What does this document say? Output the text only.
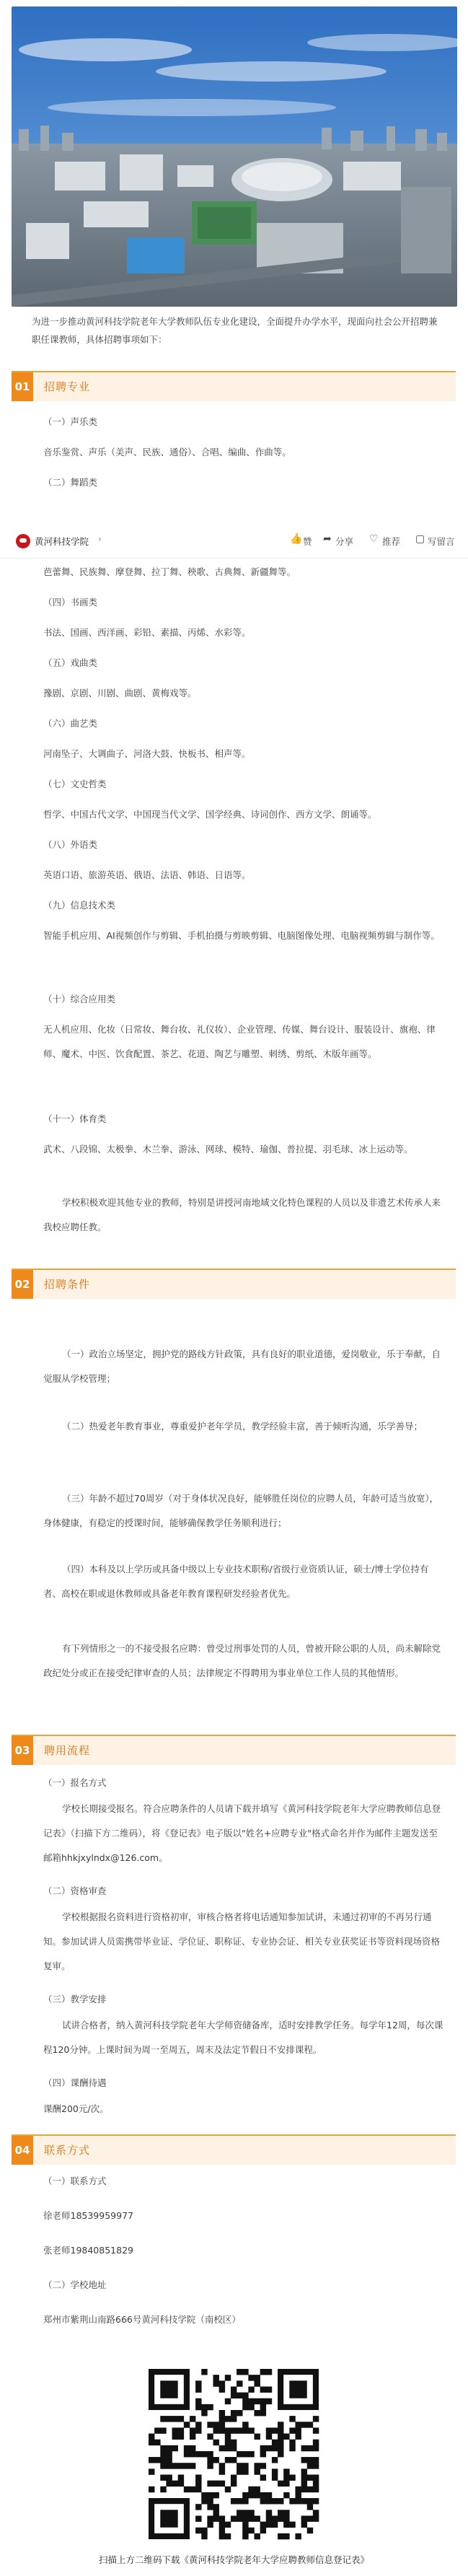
为进一步推动黄河科技学院老年大学教师队伍专业化建设，全面提升办学水平，现面向社会公开招聘兼职任课教师，具体招聘事项如下：
01	招聘专业
（一）声乐类
音乐鉴赏、声乐（美声、民族、通俗）、合唱、编曲、作曲等。
（二）舞蹈类
黄河科技学院 ›	👍 赞 ➦ 分享 ♡ 推荐 ▢ 写留言
芭蕾舞、民族舞、摩登舞、拉丁舞、秧歌、古典舞、新疆舞等。
（四）书画类
书法、国画、西洋画、彩铅、素描、丙烯、水彩等。
（五）戏曲类
豫剧、京剧、川剧、曲剧、黄梅戏等。
（六）曲艺类
河南坠子、大调曲子、河洛大鼓、快板书、相声等。
（七）文史哲类
哲学、中国古代文学、中国现当代文学、国学经典、诗词创作、西方文学、朗诵等。
（八）外语类
英语口语、旅游英语、俄语、法语、韩语、日语等。
（九）信息技术类
智能手机应用、AI视频创作与剪辑、手机拍摄与剪映剪辑、电脑图像处理、电脑视频剪辑与制作等。
（十）综合应用类
无人机应用、化妆（日常妆、舞台妆、礼仪妆）、企业管理、传媒、舞台设计、服装设计、旗袍、律师、魔术、中医、饮食配置、茶艺、花道、陶艺与雕塑、刺绣、剪纸、木版年画等。
（十一）体育类
武术、八段锦、太极拳、木兰拳、游泳、网球、模特、瑜伽、普拉提、羽毛球、冰上运动等。
学校积极欢迎其他专业的教师，特别是讲授河南地域文化特色课程的人员以及非遗艺术传承人来我校应聘任教。
02	招聘条件
（一）政治立场坚定，拥护党的路线方针政策，具有良好的职业道德，爱岗敬业，乐于奉献，自觉服从学校管理；
（二）热爱老年教育事业，尊重爱护老年学员，教学经验丰富，善于倾听沟通，乐学善导；
（三）年龄不超过70周岁（对于身体状况良好，能够胜任岗位的应聘人员，年龄可适当放宽），身体健康，有稳定的授课时间，能够确保教学任务顺利进行；
（四）本科及以上学历或具备中级以上专业技术职称/省级行业资质认证，硕士/博士学位持有者、高校在职或退休教师或具备老年教育课程研发经验者优先。
有下列情形之一的不接受报名应聘：曾受过刑事处罚的人员，曾被开除公职的人员，尚未解除党政纪处分或正在接受纪律审查的人员；法律规定不得聘用为事业单位工作人员的其他情形。
03	聘用流程
（一）报名方式
学校长期接受报名。符合应聘条件的人员请下载并填写《黄河科技学院老年大学应聘教师信息登记表》（扫描下方二维码），将《登记表》电子版以"姓名+应聘专业"格式命名并作为邮件主题发送至邮箱hhkjxylndx@126.com。
（二）资格审查
学校根据报名资料进行资格初审，审核合格者将电话通知参加试讲，未通过初审的不再另行通知。参加试讲人员需携带毕业证、学位证、职称证、专业协会证、相关专业获奖证书等资料现场资格复审。
（三）教学安排
试讲合格者，纳入黄河科技学院老年大学师资储备库，适时安排教学任务。每学年12周，每次课程120分钟。上课时间为周一至周五，周末及法定节假日不安排课程。
（四）课酬待遇
课酬200元/次。
04	联系方式
（一）联系方式
徐老师18539959977
张老师19840851829
（二）学校地址
郑州市紫荆山南路666号黄河科技学院（南校区）
扫描上方二维码下载《黄河科技学院老年大学应聘教师信息登记表》
